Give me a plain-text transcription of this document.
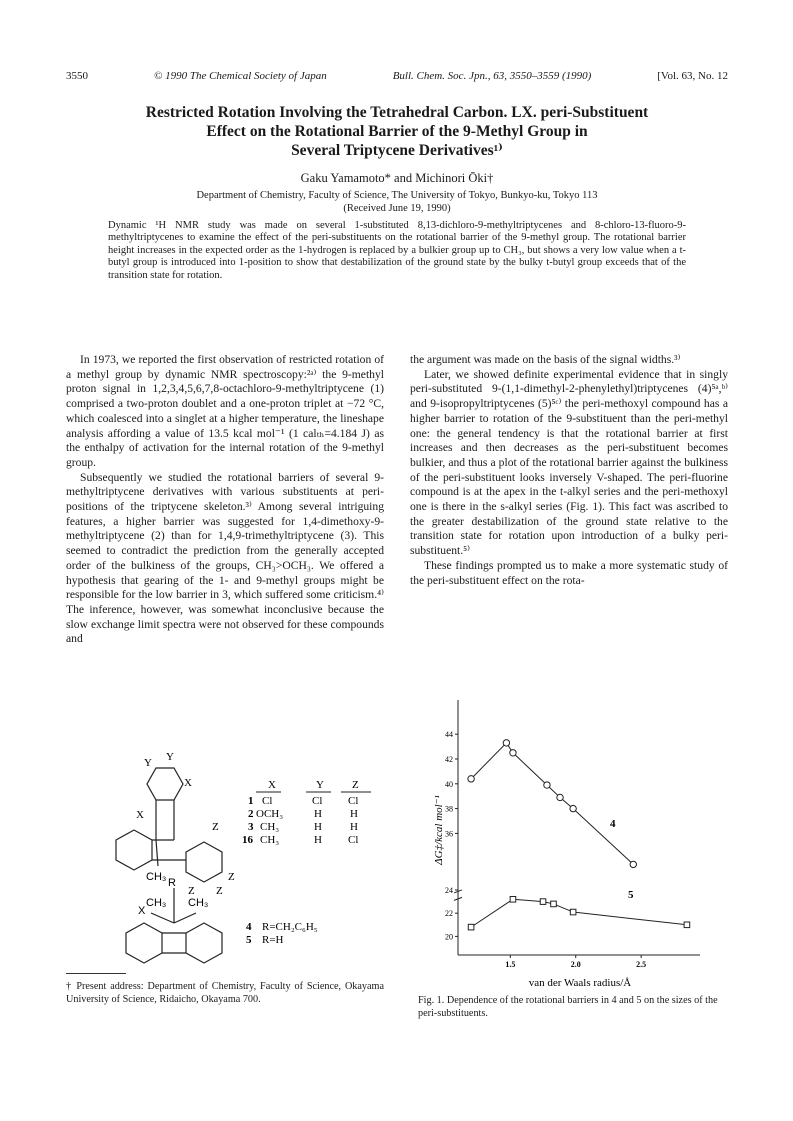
3550	© 1990 The Chemical Society of Japan	Bull. Chem. Soc. Jpn., 63, 3550–3559 (1990)	[Vol. 63, No. 12
Restricted Rotation Involving the Tetrahedral Carbon. LX. peri-Substituent
Effect on the Rotational Barrier of the 9-Methyl Group in
Several Triptycene Derivatives¹⁾
Gaku Yamamoto* and Michinori Ōki†
Department of Chemistry, Faculty of Science, The University of Tokyo, Bunkyo-ku, Tokyo 113
(Received June 19, 1990)
Dynamic ¹H NMR study was made on several 1-substituted 8,13-dichloro-9-methyltriptycenes and 8-chloro-13-fluoro-9-methyltriptycenes to examine the effect of the peri-substituents on the rotational barrier of the 9-methyl group. The rotational barrier height increases in the expected order as the 1-hydrogen is replaced by a bulkier group up to CH₃, but shows a very low value when a t-butyl group is introduced into 1-position to show that destabilization of the ground state by the bulky t-butyl group exceeds that of the transition state for rotation.

In 1973, we reported the first observation of restricted rotation of a methyl group by dynamic NMR spectroscopy:²ᵃ⁾ the 9-methyl proton signal in 1,2,3,4,5,6,7,8-octachloro-9-methyltriptycene (1) comprised a two-proton doublet and a one-proton triplet at −72 °C, which coalesced into a singlet at a higher temperature, the lineshape analysis affording a value of 13.5 kcal mol⁻¹ (1 calₜₕ=4.184 J) as the enthalpy of activation for the internal rotation of the 9-methyl group.

Subsequently we studied the rotational barriers of several 9-methyltriptycene derivatives with various substituents at peri-positions of the triptycene skeleton.³⁾ Among several intriguing features, a higher barrier was suggested for 1,4-dimethoxy-9-methyltriptycene (2) than for 1,4,9-trimethyltriptycene (3). This seemed to contradict the prediction from the generally accepted order of the bulkiness of the groups, CH₃>OCH₃. We offered a hypothesis that gearing of the 1- and 9-methyl groups might be responsible for the low barrier in 3, which suffered some criticism.⁴⁾ The inference, however, was somewhat inconclusive because the slow exchange limit spectra were not observed for these compounds and

the argument was made on the basis of the signal widths.³⁾

Later, we showed definite experimental evidence that in singly peri-substituted 9-(1,1-dimethyl-2-phenylethyl)triptycenes (4)⁵ᵃ,ᵇ⁾ and 9-isopropyltriptycenes (5)⁵ᶜ⁾ the peri-methoxyl compound has a higher barrier to rotation of the 9-substituent than the peri-methyl one: the general tendency is that the rotational barrier at first increases and then decreases as the peri-substituent becomes bulkier, and thus a plot of the rotational barrier against the bulkiness of the peri-substituent looks inversely V-shaped. The peri-fluorine compound is at the apex in the t-alkyl series and the peri-methoxyl one is there in the s-alkyl series (Fig. 1). This fact was ascribed to the greater destabilization of the ground state relative to the transition state for rotation upon introduction of a bulky peri-substituent.⁵⁾

These findings prompted us to make a more systematic study of the peri-substituent effect on the rota-

Y Y
X
X
Z
Z
Z Z
CH₃
X	Y	Z
1 Cl	Cl Cl
2 OCH₃	H	H
3 CH₃	H	H
16 CH₃	H Cl
R
CH₃ CH₃
X
4 R=CH₂C₆H₅
5 R=H
† Present address: Department of Chemistry, Faculty of Science, Okayama University of Science, Ridaicho, Okayama 700.
ΔG‡/kcal mol⁻¹
van der Waals radius/Å
36
38
40
42
44
20
22
24
1.5	2.0	2.5
4
5
Fig. 1. Dependence of the rotational barriers in 4 and 5 on the sizes of the peri-substituents.
